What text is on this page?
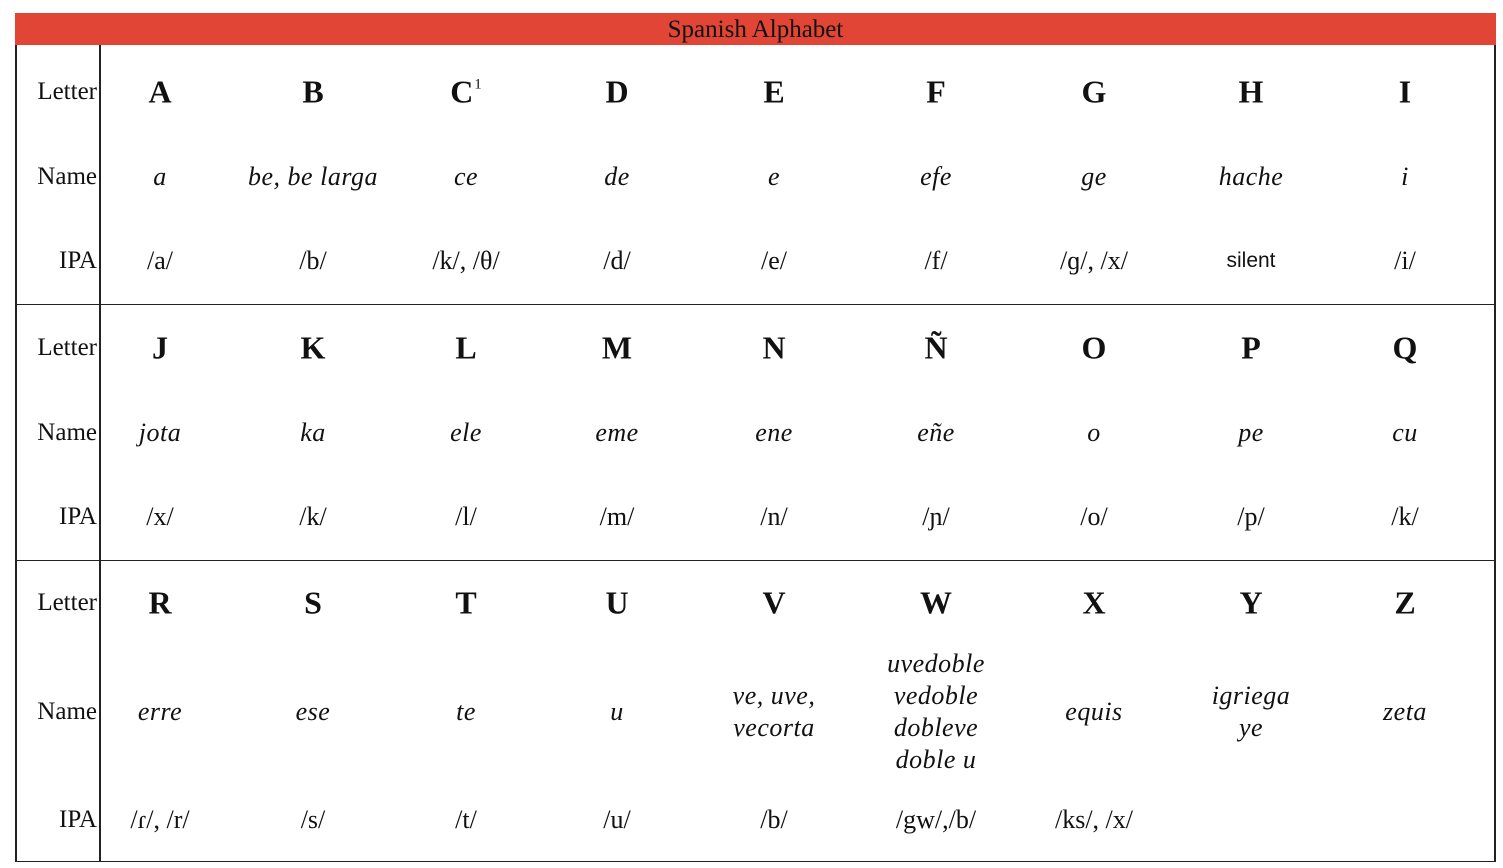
Spanish Alphabet
Letter
Name
IPA
A
a
/a/
B
be, be larga
/b/
$C^1$
ce
/k/, /θ/
D
de
/d/
E
e
/e/
F
efe
/f/
G
ge
/ɡ/, /x/
H
hache
silent
I
i
/i/
Letter
Name
IPA
J
jota
/x/
K
ka
/k/
L
ele
/l/
M
eme
/m/
N
ene
/n/
Ñ
eñe
/ɲ/
O
o
/o/
P
pe
/p/
Q
cu
/k/
Letter
Name
IPA
R
erre
/ɾ/, /r/
S
ese
/s/
T
te
/t/
U
u
/u/
V
ve, uve,
vecorta
/b/
W
uvedoble
vedoble
dobleve
doble u
/gw/,/b/
X
equis
/ks/, /x/
Y
igriega
ye
Z
zeta
